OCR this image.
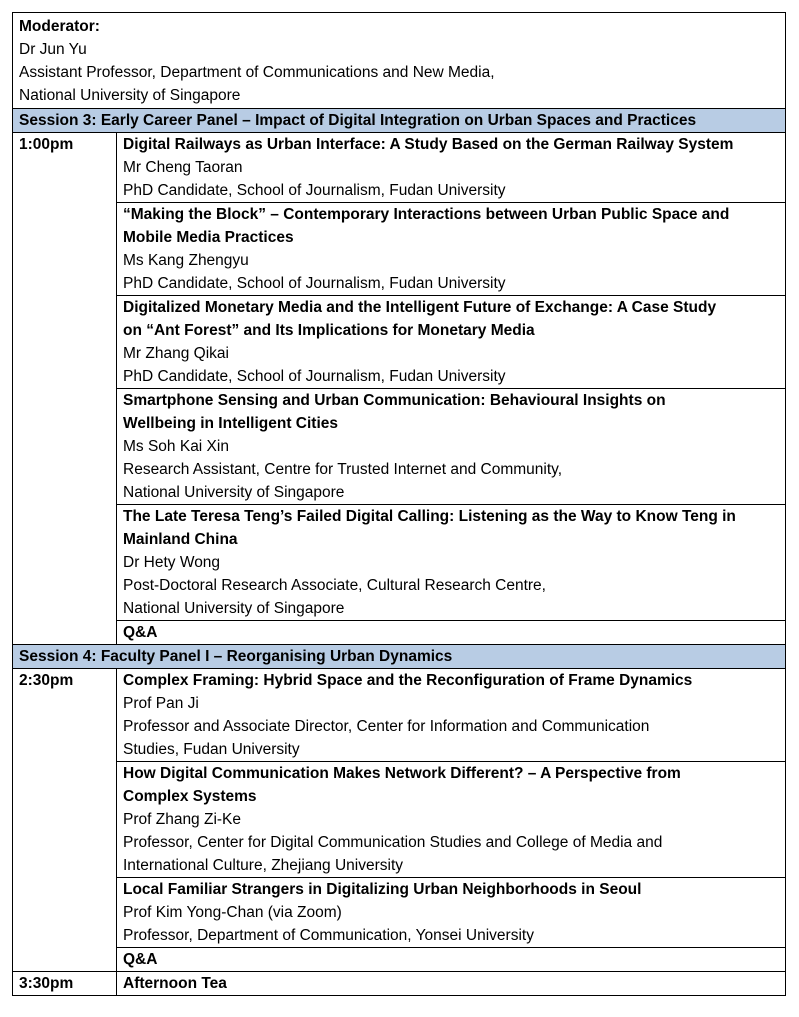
Moderator:
Dr Jun Yu
Assistant Professor, Department of Communications and New Media,
National University of Singapore	

Session 3: Early Career Panel – Impact of Digital Integration on Urban Spaces and Practices	
1:00pm	Digital Railways as Urban Interface: A Study Based on the German Railway System
Mr Cheng Taoran
PhD Candidate, School of Journalism, Fudan University

	“Making the Block” – Contemporary Interactions between Urban Public Space and
Mobile Media Practices
Ms Kang Zhengyu
PhD Candidate, School of Journalism, Fudan University

	Digitalized Monetary Media and the Intelligent Future of Exchange: A Case Study
on “Ant Forest” and Its Implications for Monetary Media
Mr Zhang Qikai
PhD Candidate, School of Journalism, Fudan University

	Smartphone Sensing and Urban Communication: Behavioural Insights on
Wellbeing in Intelligent Cities
Ms Soh Kai Xin
Research Assistant, Centre for Trusted Internet and Community,
National University of Singapore

	The Late Teresa Teng’s Failed Digital Calling: Listening as the Way to Know Teng in
Mainland China
Dr Hety Wong
Post-Doctoral Research Associate, Cultural Research Centre,
National University of Singapore

	Q&A
Session 4: Faculty Panel I – Reorganising Urban Dynamics	
2:30pm	Complex Framing: Hybrid Space and the Reconfiguration of Frame Dynamics
Prof Pan Ji
Professor and Associate Director, Center for Information and Communication
Studies, Fudan University

	How Digital Communication Makes Network Different? – A Perspective from
Complex Systems
Prof Zhang Zi-Ke
Professor, Center for Digital Communication Studies and College of Media and
International Culture, Zhejiang University

	Local Familiar Strangers in Digitalizing Urban Neighborhoods in Seoul
Prof Kim Yong-Chan (via Zoom)
Professor, Department of Communication, Yonsei University

	Q&A
3:30pm	Afternoon Tea
